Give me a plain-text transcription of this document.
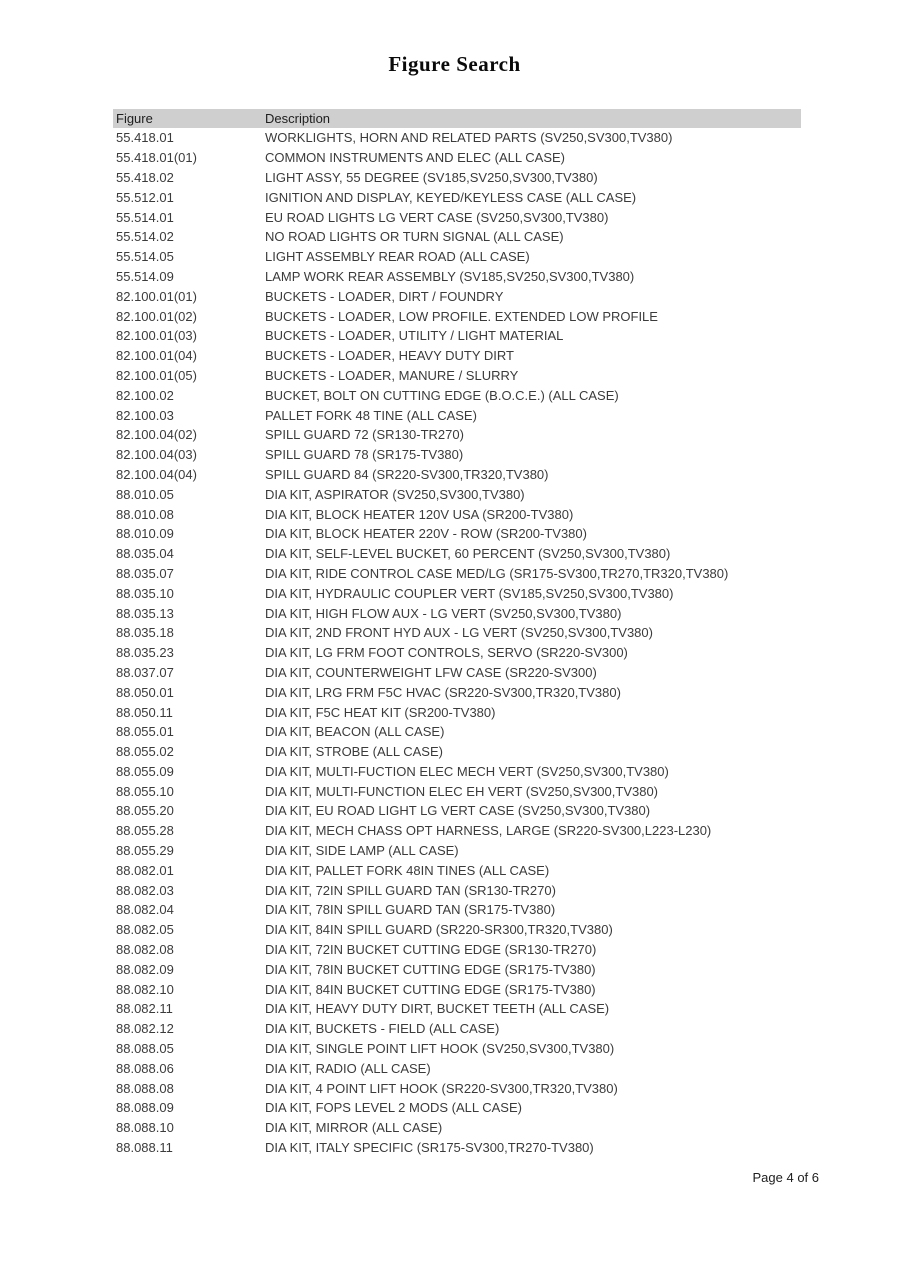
Figure Search
Figure	Description
55.418.01	WORKLIGHTS, HORN AND RELATED PARTS (SV250,SV300,TV380)
55.418.01(01)	COMMON INSTRUMENTS AND ELEC (ALL CASE)
55.418.02	LIGHT ASSY, 55 DEGREE (SV185,SV250,SV300,TV380)
55.512.01	IGNITION AND DISPLAY, KEYED/KEYLESS CASE (ALL CASE)
55.514.01	EU ROAD LIGHTS LG VERT CASE (SV250,SV300,TV380)
55.514.02	NO ROAD LIGHTS OR TURN SIGNAL (ALL CASE)
55.514.05	LIGHT ASSEMBLY REAR ROAD (ALL CASE)
55.514.09	LAMP WORK REAR ASSEMBLY (SV185,SV250,SV300,TV380)
82.100.01(01)	BUCKETS - LOADER, DIRT / FOUNDRY
82.100.01(02)	BUCKETS - LOADER, LOW PROFILE. EXTENDED LOW PROFILE
82.100.01(03)	BUCKETS - LOADER, UTILITY / LIGHT MATERIAL
82.100.01(04)	BUCKETS - LOADER, HEAVY DUTY DIRT
82.100.01(05)	BUCKETS - LOADER, MANURE / SLURRY
82.100.02	BUCKET, BOLT ON CUTTING EDGE (B.O.C.E.) (ALL CASE)
82.100.03	PALLET FORK 48 TINE (ALL CASE)
82.100.04(02)	SPILL GUARD 72 (SR130-TR270)
82.100.04(03)	SPILL GUARD 78 (SR175-TV380)
82.100.04(04)	SPILL GUARD 84 (SR220-SV300,TR320,TV380)
88.010.05	DIA KIT, ASPIRATOR (SV250,SV300,TV380)
88.010.08	DIA KIT, BLOCK HEATER 120V USA (SR200-TV380)
88.010.09	DIA KIT, BLOCK HEATER 220V - ROW (SR200-TV380)
88.035.04	DIA KIT, SELF-LEVEL BUCKET, 60 PERCENT (SV250,SV300,TV380)
88.035.07	DIA KIT, RIDE CONTROL CASE MED/LG (SR175-SV300,TR270,TR320,TV380)
88.035.10	DIA KIT, HYDRAULIC COUPLER VERT (SV185,SV250,SV300,TV380)
88.035.13	DIA KIT, HIGH FLOW AUX - LG VERT (SV250,SV300,TV380)
88.035.18	DIA KIT, 2ND FRONT HYD AUX - LG VERT (SV250,SV300,TV380)
88.035.23	DIA KIT, LG FRM FOOT CONTROLS, SERVO (SR220-SV300)
88.037.07	DIA KIT, COUNTERWEIGHT LFW CASE (SR220-SV300)
88.050.01	DIA KIT, LRG FRM F5C HVAC (SR220-SV300,TR320,TV380)
88.050.11	DIA KIT, F5C HEAT KIT (SR200-TV380)
88.055.01	DIA KIT, BEACON (ALL CASE)
88.055.02	DIA KIT, STROBE (ALL CASE)
88.055.09	DIA KIT, MULTI-FUCTION ELEC MECH VERT (SV250,SV300,TV380)
88.055.10	DIA KIT, MULTI-FUNCTION ELEC EH VERT (SV250,SV300,TV380)
88.055.20	DIA KIT, EU ROAD LIGHT LG VERT CASE (SV250,SV300,TV380)
88.055.28	DIA KIT, MECH CHASS OPT HARNESS, LARGE (SR220-SV300,L223-L230)
88.055.29	DIA KIT, SIDE LAMP (ALL CASE)
88.082.01	DIA KIT, PALLET FORK 48IN TINES (ALL CASE)
88.082.03	DIA KIT, 72IN SPILL GUARD TAN (SR130-TR270)
88.082.04	DIA KIT, 78IN SPILL GUARD TAN (SR175-TV380)
88.082.05	DIA KIT, 84IN SPILL GUARD (SR220-SR300,TR320,TV380)
88.082.08	DIA KIT, 72IN BUCKET CUTTING EDGE (SR130-TR270)
88.082.09	DIA KIT, 78IN BUCKET CUTTING EDGE (SR175-TV380)
88.082.10	DIA KIT, 84IN BUCKET CUTTING EDGE (SR175-TV380)
88.082.11	DIA KIT, HEAVY DUTY DIRT, BUCKET TEETH (ALL CASE)
88.082.12	DIA KIT, BUCKETS - FIELD (ALL CASE)
88.088.05	DIA KIT, SINGLE POINT LIFT HOOK (SV250,SV300,TV380)
88.088.06	DIA KIT, RADIO (ALL CASE)
88.088.08	DIA KIT, 4 POINT LIFT HOOK (SR220-SV300,TR320,TV380)
88.088.09	DIA KIT, FOPS LEVEL 2 MODS (ALL CASE)
88.088.10	DIA KIT, MIRROR (ALL CASE)
88.088.11	DIA KIT, ITALY SPECIFIC (SR175-SV300,TR270-TV380)
Page 4 of 6
